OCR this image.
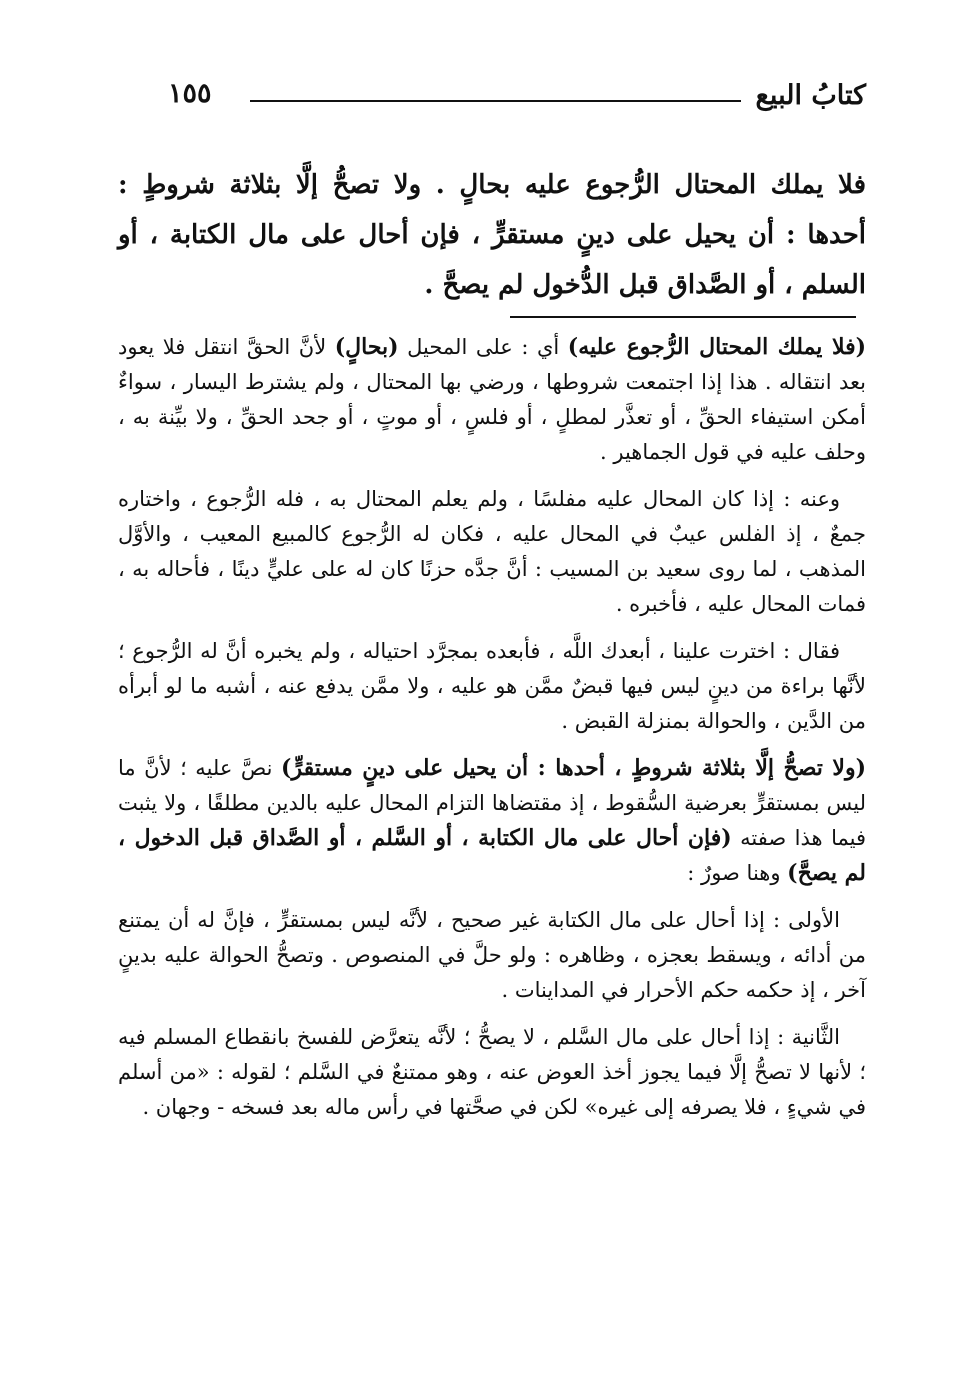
كتابُ البيع
١٥٥
فلا يملك المحتال الرُّجوع عليه بحالٍ . ولا تصحُّ إلَّا بثلاثة شروطٍ : أحدها : أن يحيل على دينٍ مستقرٍّ ، فإن أحال على مال الكتابة ، أو السلم ، أو الصَّداق قبل الدُّخول لم يصحَّ .

(فلا يملك المحتال الرُّجوع عليه) أي : على المحيل (بحالٍ) لأنَّ الحقَّ انتقل فلا يعود بعد انتقاله . هذا إذا اجتمعت شروطها ، ورضي بها المحتال ، ولم يشترط اليسار ، سواءٌ أمكن استيفاء الحقِّ ، أو تعذَّر لمطلٍ ، أو فلسٍ ، أو موتٍ ، أو جحد الحقِّ ، ولا بيِّنة به ، وحلف عليه في قول الجماهير .

وعنه : إذا كان المحال عليه مفلسًا ، ولم يعلم المحتال به ، فله الرُّجوع ، واختاره جمعٌ ، إذ الفلس عيبٌ في المحال عليه ، فكان له الرُّجوع كالمبيع المعيب ، والأوَّل المذهب ، لما روى سعيد بن المسيب : أنَّ جدَّه حزنًا كان له على عليٍّ دينًا ، فأحاله به ، فمات المحال عليه ، فأخبره .

فقال : اخترت علينا ، أبعدك اللَّه ، فأبعده بمجرَّد احتياله ، ولم يخبره أنَّ له الرُّجوع ؛ لأنَّها براءة من دينٍ ليس فيها قبضٌ ممَّن هو عليه ، ولا ممَّن يدفع عنه ، أشبه ما لو أبرأه من الدَّين ، والحوالة بمنزلة القبض .

(ولا تصحُّ إلَّا بثلاثة شروطٍ ، أحدها : أن يحيل على دينٍ مستقرٍّ) نصَّ عليه ؛ لأنَّ ما ليس بمستقرٍّ بعرضية السُّقوط ، إذ مقتضاها التزام المحال عليه بالدين مطلقًا ، ولا يثبت فيما هذا صفته (فإن أحال على مال الكتابة ، أو السَّلم ، أو الصَّداق قبل الدخول ، لم يصحَّ) وهنا صورٌ :

الأولى : إذا أحال على مال الكتابة غير صحيح ، لأنَّه ليس بمستقرٍّ ، فإنَّ له أن يمتنع من أدائه ، ويسقط بعجزه ، وظاهره : ولو حلَّ في المنصوص . وتصحُّ الحوالة عليه بدينٍ آخر ، إذ حكمه حكم الأحرار في المداينات .

الثَّانية : إذا أحال على مال السَّلم ، لا يصحُّ ؛ لأنَّه يتعرَّض للفسخ بانقطاع المسلم فيه ؛ لأنها لا تصحُّ إلَّا فيما يجوز أخذ العوض عنه ، وهو ممتنعٌ في السَّلم ؛ لقوله : «من أسلم في شيءٍ ، فلا يصرفه إلى غيره» لكن في صحَّتها في رأس ماله بعد فسخه - وجهان .
